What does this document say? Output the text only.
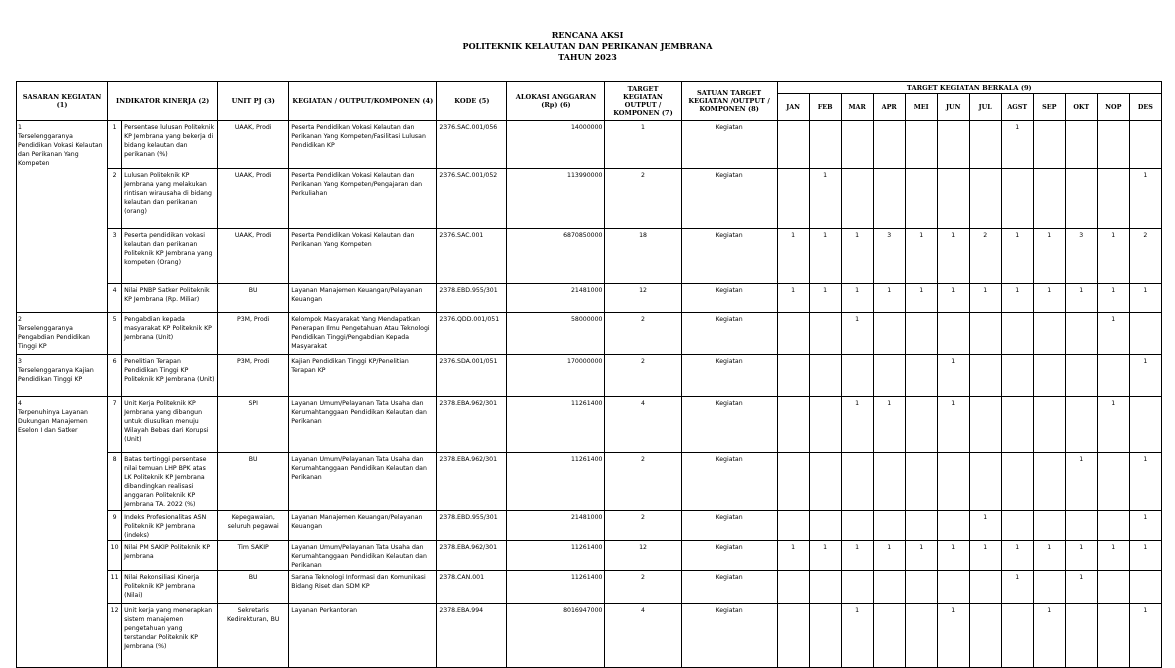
RENCANA AKSI
POLITEKNIK KELAUTAN DAN PERIKANAN JEMBRANA
TAHUN 2023
SASARAN KEGIATAN (1)	INDIKATOR KINERJA (2)		UNIT PJ (3)	KEGIATAN / OUTPUT/KOMPONEN (4)	KODE (5)	ALOKASI ANGGARAN (Rp) (6)	TARGET KEGIATAN OUTPUT / KOMPONEN (7)	SATUAN TARGET KEGIATAN /OUTPUT / KOMPONEN (8)	TARGET KEGIATAN BERKALA (9)											
									JAN	FEB	MAR	APR	MEI	JUN	JUL	AGST	SEP	OKT	NOP	DES
1Terselenggaranya Pendidikan Vokasi Kelautan dan Perikanan Yang Kompeten	1	Persentase lulusan Politeknik KP Jembrana yang bekerja di bidang kelautan dan perikanan (%)	UAAK, Prodi	Peserta Pendidikan Vokasi Kelautan dan Perikanan Yang Kompeten/Fasilitasi Lulusan Pendidikan KP	2376.SAC.001/056	14000000	1	Kegiatan								1				
	2	Lulusan Politeknik KP Jembrana yang melakukan rintisan wirausaha di bidang kelautan dan perikanan (orang)	UAAK, Prodi	Peserta Pendidikan Vokasi Kelautan dan Perikanan Yang Kompeten/Pengajaran dan Perkuliahan	2376.SAC.001/052	113990000	2	Kegiatan		1										1
	3	Peserta pendidikan vokasi kelautan dan perikanan Politeknik KP Jembrana yang kompeten (Orang)	UAAK, Prodi	Peserta Pendidikan Vokasi Kelautan dan Perikanan Yang Kompeten	2376.SAC.001	6870850000	18	Kegiatan	1	1	1	3	1	1	2	1	1	3	1	2
	4	Nilai PNBP Satker Politeknik KP Jembrana (Rp. Miliar)	BU	Layanan Manajemen Keuangan/Pelayanan Keuangan	2378.EBD.955/301	21481000	12	Kegiatan	1	1	1	1	1	1	1	1	1	1	1	1
2Terselenggaranya Pengabdian Pendidikan Tinggi KP	5	Pengabdian kepada masyarakat KP Politeknik KP Jembrana (Unit)	P3M, Prodi	Kelompok Masyarakat Yang Mendapatkan Penerapan Ilmu Pengetahuan Atau Teknologi Pendidikan Tinggi/Pengabdian Kepada Masyarakat	2376.QDD.001/051	58000000	2	Kegiatan			1								1	
3Terselenggaranya Kajian Pendidikan Tinggi KP	6	Penelitian Terapan Pendidikan Tinggi KP Politeknik KP Jembrana (Unit)	P3M, Prodi	Kajian Pendidikan Tinggi KP/Penelitian Terapan KP	2376.SDA.001/051	170000000	2	Kegiatan						1						1
4Terpenuhinya Layanan Dukungan Manajemen Eselon I dan Satker	7	Unit Kerja Politeknik KP Jembrana yang dibangun untuk diusulkan menuju Wilayah Bebas dari Korupsi (Unit)	SPI	Layanan Umum/Pelayanan Tata Usaha dan Kerumahtanggaan Pendidikan Kelautan dan Perikanan	2378.EBA.962/301	11261400	4	Kegiatan			1	1		1					1	
	8	Batas tertinggi persentase nilai temuan LHP BPK atas LK Politeknik KP Jembrana dibandingkan realisasi anggaran Politeknik KP Jembrana TA. 2022 (%)	BU	Layanan Umum/Pelayanan Tata Usaha dan Kerumahtanggaan Pendidikan Kelautan dan Perikanan	2378.EBA.962/301	11261400	2	Kegiatan										1		1
	9	Indeks Profesionalitas ASN Politeknik KP Jembrana (indeks)	Kepegawaian, seluruh pegawai	Layanan Manajemen Keuangan/Pelayanan Keuangan	2378.EBD.955/301	21481000	2	Kegiatan							1					1
	10	Nilai PM SAKIP Politeknik KP Jembrana	Tim SAKIP	Layanan Umum/Pelayanan Tata Usaha dan Kerumahtanggaan Pendidikan Kelautan dan Perikanan	2378.EBA.962/301	11261400	12	Kegiatan	1	1	1	1	1	1	1	1	1	1	1	1
	11	Nilai Rekonsiliasi Kinerja Politeknik KP Jembrana (Nilai)	BU	Sarana Teknologi Informasi dan Komunikasi Bidang Riset dan SDM KP	2378.CAN.001	11261400	2	Kegiatan								1		1		
	12	Unit kerja yang menerapkan sistem manajemen pengetahuan yang terstandar Politeknik KP Jembrana (%)	Sekretaris Kedirekturan, BU	Layanan Perkantoran	2378.EBA.994	8016947000	4	Kegiatan			1			1			1			1
